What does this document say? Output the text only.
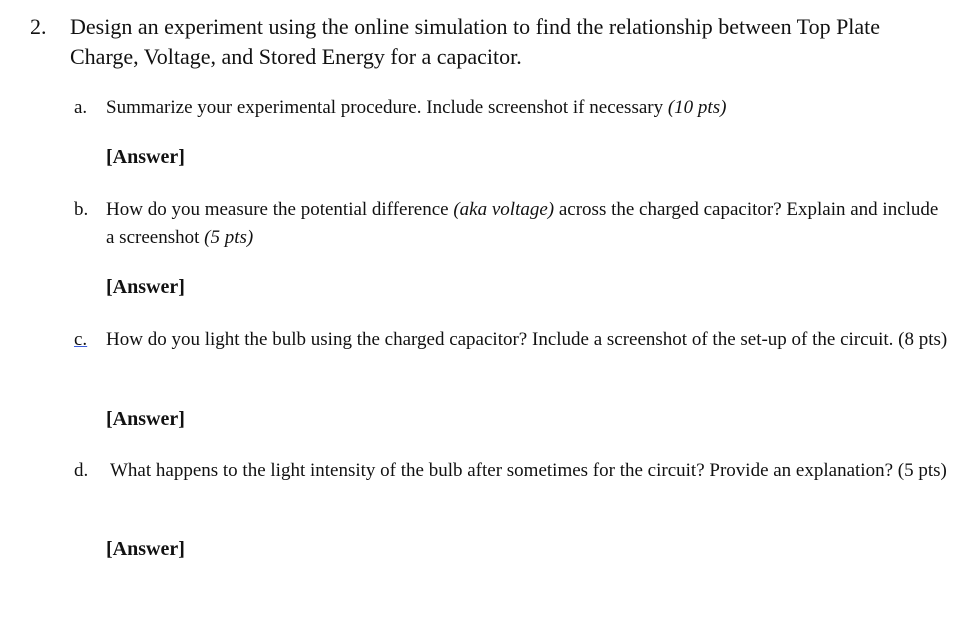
2. Design an experiment using the online simulation to find the relationship between Top Plate Charge, Voltage, and Stored Energy for a capacitor.
a. Summarize your experimental procedure. Include screenshot if necessary (10 pts)
[Answer]
b. How do you measure the potential difference (aka voltage) across the charged capacitor? Explain and include a screenshot (5 pts)
[Answer]
c. How do you light the bulb using the charged capacitor? Include a screenshot of the set-up of the circuit. (8 pts)
[Answer]
d. What happens to the light intensity of the bulb after sometimes for the circuit? Provide an explanation? (5 pts)
[Answer]
